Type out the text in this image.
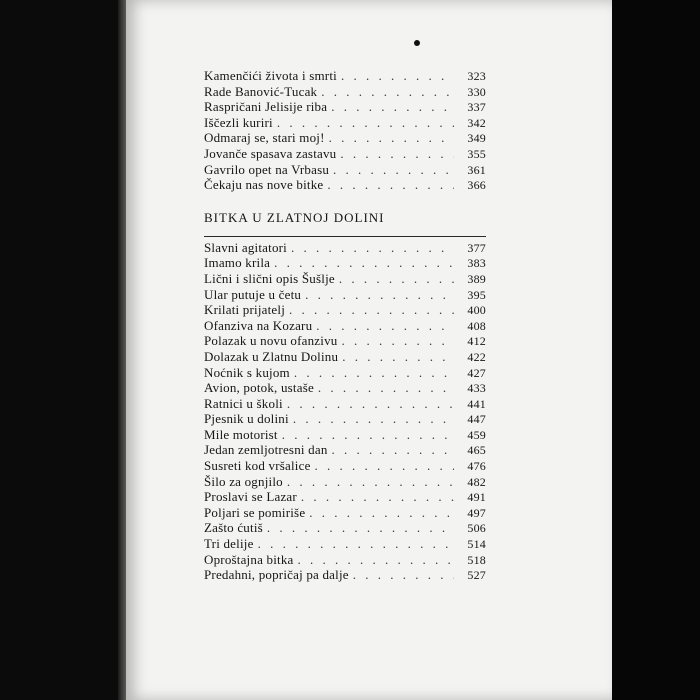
Kamenčići života i smrti . . .	323
Rade Banović-Tucak . . .	330
Raspričani Jelisije riba . . .	337
Iščezli kuriri . . .	342
Odmaraj se, stari moj! . . .	349
Jovanče spasava zastavu . . .	355
Gavrilo opet na Vrbasu . . .	361
Čekaju nas nove bitke . . .	366
BITKA U ZLATNOJ DOLINI
Slavni agitatori . . .	377
Imamo krila . . .	383
Lični i slični opis Šušlje . . .	389
Ular putuje u četu . . .	395
Krilati prijatelj . . .	400
Ofanziva na Kozaru . . .	408
Polazak u novu ofanzivu . . .	412
Dolazak u Zlatnu Dolinu . . .	422
Noćnik s kujom . . .	427
Avion, potok, ustaše . . .	433
Ratnici u školi . . .	441
Pjesnik u dolini . . .	447
Mile motorist . . .	459
Jedan zemljotresni dan . . .	465
Susreti kod vršalice . . .	476
Šilo za ognjilo . . .	482
Proslavi se Lazar . . .	491
Poljari se pomiriše . . .	497
Zašto ćutiš . . .	506
Tri delije . . .	514
Oproštajna bitka . . .	518
Predahni, popričaj pa dalje . . .	527
